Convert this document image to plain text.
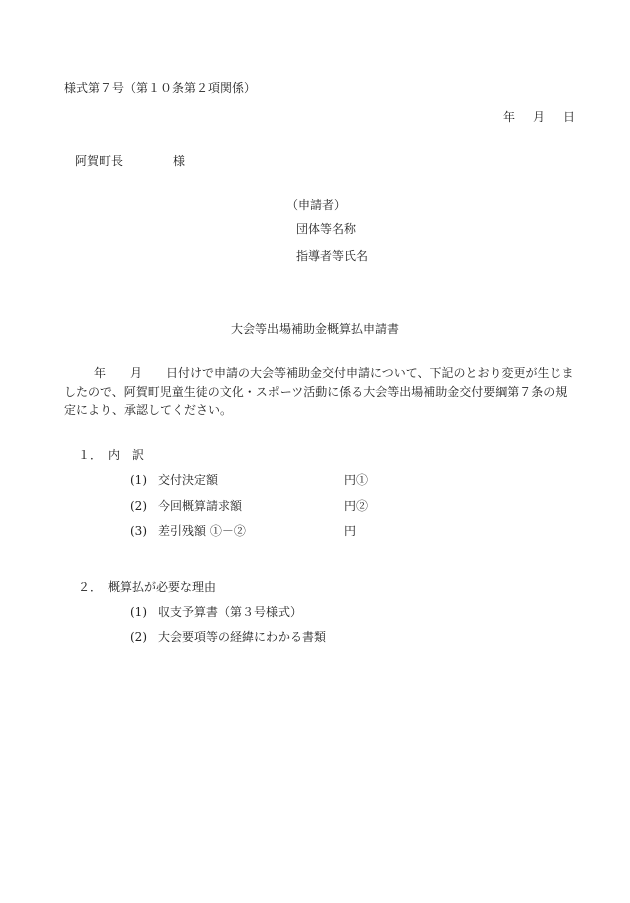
様式第７号（第１０条第２項関係）
年 月 日
阿賀町長	様
（申請者）
団体等名称
指導者等氏名
大会等出場補助金概算払申請書
年　　月　　日付けで申請の大会等補助金交付申請について、下記のとおり変更が生じましたので、阿賀町児童生徒の文化・スポーツ活動に係る大会等出場補助金交付要綱第７条の規定により、承認してください。
１． 内　訳
(1) 交付決定額	円①
(2) 今回概算請求額	円②
(3) 差引残額 ①－②	円
２． 概算払が必要な理由
(1) 収支予算書（第３号様式）
(2) 大会要項等の経緯にわかる書類
